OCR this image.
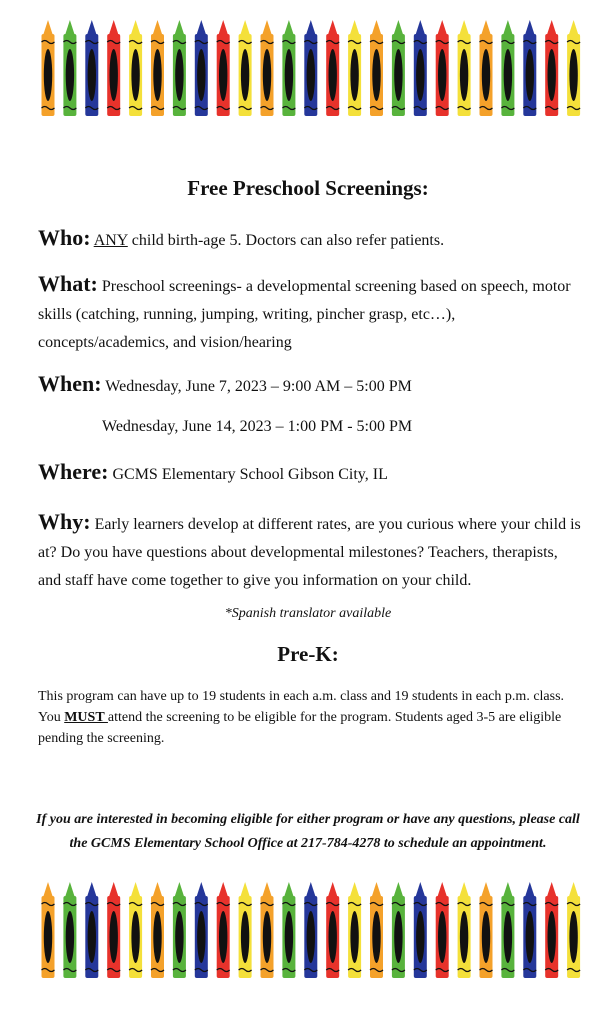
Free Preschool Screenings:
Who: ANY child birth-age 5. Doctors can also refer patients.
What: Preschool screenings- a developmental screening based on speech, motor skills (catching, running, jumping, writing, pincher grasp, etc…), concepts/academics, and vision/hearing
When: Wednesday, June 7, 2023 – 9:00 AM – 5:00 PM
Wednesday, June 14, 2023 – 1:00 PM - 5:00 PM
Where: GCMS Elementary School Gibson City, IL
Why: Early learners develop at different rates, are you curious where your child is at? Do you have questions about developmental milestones? Teachers, therapists, and staff have come together to give you information on your child.
*Spanish translator available
Pre-K:
This program can have up to 19 students in each a.m. class and 19 students in each p.m. class. You MUST attend the screening to be eligible for the program. Students aged 3-5 are eligible pending the screening.
If you are interested in becoming eligible for either program or have any questions, please call the GCMS Elementary School Office at 217-784-4278 to schedule an appointment.
